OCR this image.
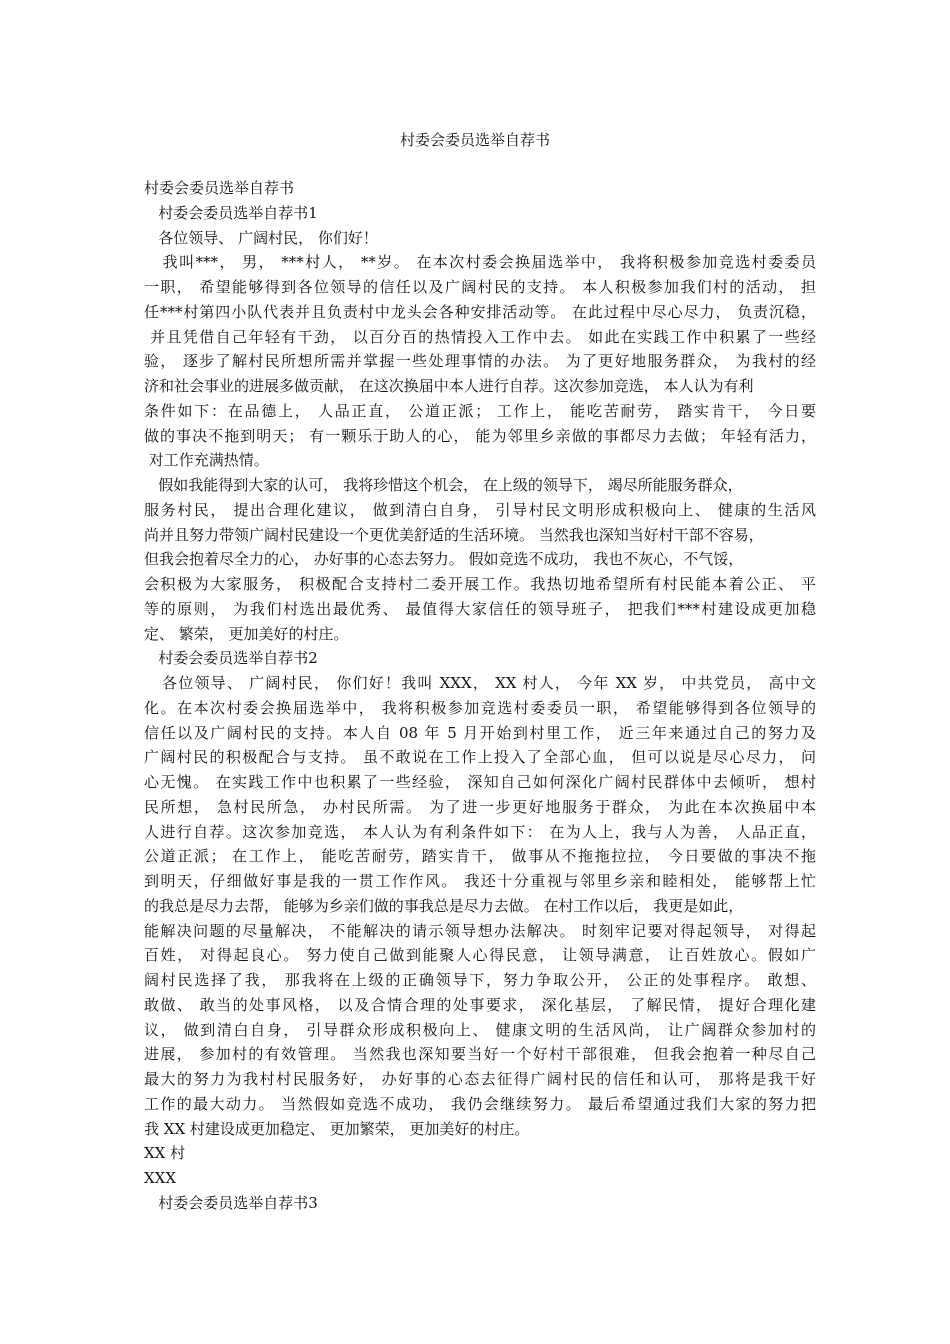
村委会委员选举自荐书
村委会委员选举自荐书
村委会委员选举自荐书1
各位领导、 广阔村民， 你们好！
我叫***， 男， ***村人， **岁。 在本次村委会换届选举中， 我将积极参加竞选村委委员
一职， 希望能够得到各位领导的信任以及广阔村民的支持。 本人积极参加我们村的活动， 担
任***村第四小队代表并且负责村中龙头会各种安排活动等。 在此过程中尽心尽力， 负责沉稳，
并且凭借自己年轻有干劲， 以百分百的热情投入工作中去。 如此在实践工作中积累了一些经
验， 逐步了解村民所想所需并掌握一些处理事情的办法。 为了更好地服务群众， 为我村的经
济和社会事业的进展多做贡献， 在这次换届中本人进行自荐。这次参加竞选， 本人认为有利
条件如下：在品德上， 人品正直， 公道正派； 工作上， 能吃苦耐劳， 踏实肯干， 今日要
做的事决不拖到明天； 有一颗乐于助人的心， 能为邻里乡亲做的事都尽力去做； 年轻有活力，
对工作充满热情。
假如我能得到大家的认可， 我将珍惜这个机会， 在上级的领导下， 竭尽所能服务群众，
服务村民， 提出合理化建议， 做到清白自身， 引导村民文明形成积极向上、 健康的生活风
尚并且努力带领广阔村民建设一个更优美舒适的生活环境。 当然我也深知当好村干部不容易，
但我会抱着尽全力的心， 办好事的心态去努力。 假如竞选不成功， 我也不灰心，不气馁，
会积极为大家服务， 积极配合支持村二委开展工作。我热切地希望所有村民能本着公正、 平
等的原则， 为我们村选出最优秀、 最值得大家信任的领导班子， 把我们***村建设成更加稳
定、 繁荣， 更加美好的村庄。
村委会委员选举自荐书2
各位领导、 广阔村民， 你们好！我叫 XXX， XX 村人， 今年 XX 岁， 中共党员， 高中文
化。在本次村委会换届选举中， 我将积极参加竞选村委委员一职， 希望能够得到各位领导的
信任以及广阔村民的支持。本人自 08 年 5 月开始到村里工作， 近三年来通过自己的努力及
广阔村民的积极配合与支持。 虽不敢说在工作上投入了全部心血， 但可以说是尽心尽力， 问
心无愧。 在实践工作中也积累了一些经验， 深知自己如何深化广阔村民群体中去倾听， 想村
民所想， 急村民所急， 办村民所需。 为了进一步更好地服务于群众， 为此在本次换届中本
人进行自荐。这次参加竞选， 本人认为有利条件如下： 在为人上，我与人为善， 人品正直，
公道正派； 在工作上， 能吃苦耐劳，踏实肯干， 做事从不拖拖拉拉， 今日要做的事决不拖
到明天，仔细做好事是我的一贯工作作风。 我还十分重视与邻里乡亲和睦相处， 能够帮上忙
的我总是尽力去帮， 能够为乡亲们做的事我总是尽力去做。 在村工作以后， 我更是如此，
能解决问题的尽量解决， 不能解决的请示领导想办法解决。 时刻牢记要对得起领导， 对得起
百姓， 对得起良心。 努力使自己做到能聚人心得民意， 让领导满意， 让百姓放心。假如广
阔村民选择了我， 那我将在上级的正确领导下，努力争取公开， 公正的处事程序。 敢想、
敢做、 敢当的处事风格， 以及合情合理的处事要求， 深化基层， 了解民情， 提好合理化建
议， 做到清白自身， 引导群众形成积极向上、 健康文明的生活风尚， 让广阔群众参加村的
进展， 参加村的有效管理。 当然我也深知要当好一个好村干部很难， 但我会抱着一种尽自己
最大的努力为我村村民服务好， 办好事的心态去征得广阔村民的信任和认可， 那将是我干好
工作的最大动力。 当然假如竞选不成功， 我仍会继续努力。 最后希望通过我们大家的努力把
我 XX 村建设成更加稳定、 更加繁荣， 更加美好的村庄。
XX 村
XXX
村委会委员选举自荐书3
